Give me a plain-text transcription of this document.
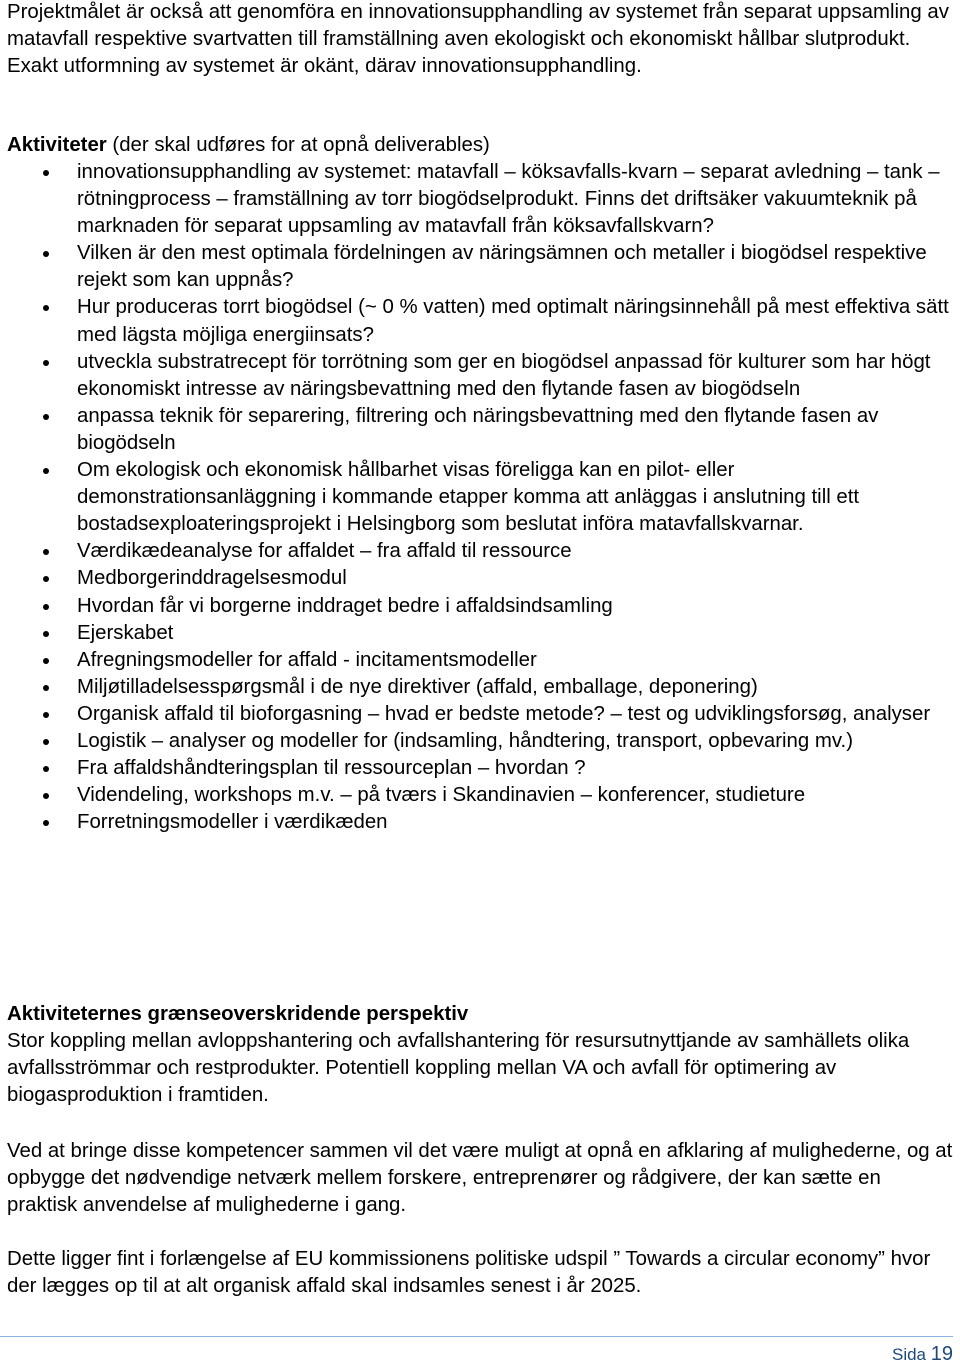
Projektmålet är också att genomföra en innovationsupphandling av systemet från separat uppsamling av matavfall respektive svartvatten till framställning aven ekologiskt och ekonomiskt hållbar slutprodukt. Exakt utformning av systemet är okänt, därav innovationsupphandling.

Aktiviteter (der skal udføres for at opnå deliverables)

innovationsupphandling av systemet: matavfall – köksavfalls-kvarn – separat avledning – tank – rötningprocess – framställning av torr biogödselprodukt. Finns det driftsäker vakuumteknik på marknaden för separat uppsamling av matavfall från köksavfallskvarn?
Vilken är den mest optimala fördelningen av näringsämnen och metaller i biogödsel respektive rejekt som kan uppnås?
Hur produceras torrt biogödsel (~ 0 % vatten) med optimalt näringsinnehåll på mest effektiva sätt med lägsta möjliga energiinsats?
utveckla substratrecept för torrötning som ger en biogödsel anpassad för kulturer som har högt ekonomiskt intresse av näringsbevattning med den flytande fasen av biogödseln
anpassa teknik för separering, filtrering och näringsbevattning med den flytande fasen av biogödseln
Om ekologisk och ekonomisk hållbarhet visas föreligga kan en pilot- eller demonstrationsanläggning i kommande etapper komma att anläggas i anslutning till ett bostadsexploateringsprojekt i Helsingborg som beslutat införa matavfallskvarnar.
Værdikædeanalyse for affaldet – fra affald til ressource
Medborgerinddragelsesmodul
Hvordan får vi borgerne inddraget bedre i affaldsindsamling
Ejerskabet
Afregningsmodeller for affald - incitamentsmodeller
Miljøtilladelsesspørgsmål i de nye direktiver (affald, emballage, deponering)
Organisk affald til bioforgasning – hvad er bedste metode? – test og udviklingsforsøg, analyser
Logistik – analyser og modeller for (indsamling, håndtering, transport, opbevaring mv.)
Fra affaldshåndteringsplan til ressourceplan – hvordan ?
Videndeling, workshops m.v. – på tværs i Skandinavien – konferencer, studieture
Forretningsmodeller i værdikæden

Aktiviteternes grænseoverskridende perspektiv

Stor koppling mellan avloppshantering och avfallshantering för resursutnyttjande av samhällets olika avfallsströmmar och restprodukter. Potentiell koppling mellan VA och avfall för optimering av biogasproduktion i framtiden.

Ved at bringe disse kompetencer sammen vil det være muligt at opnå en afklaring af mulighederne, og at opbygge det nødvendige netværk mellem forskere, entreprenører og rådgivere, der kan sætte en praktisk anvendelse af mulighederne i gang.

Dette ligger fint i forlængelse af EU kommissionens politiske udspil ” Towards a circular economy” hvor der lægges op til at alt organisk affald skal indsamles senest i år 2025.

Sida 19
